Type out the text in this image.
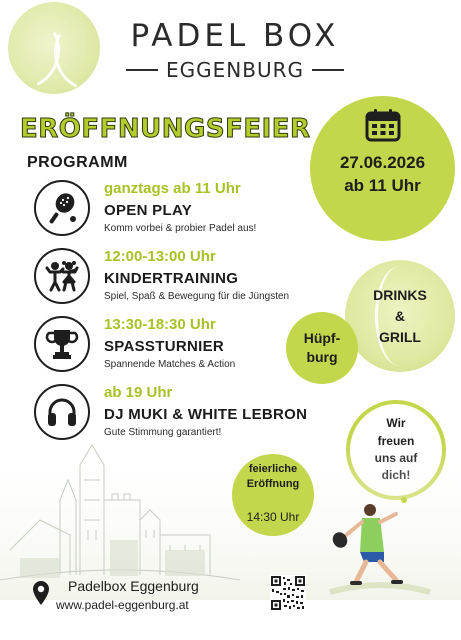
PADEL BOX
EGGENBURG
ERÖFFNUNGSFEIER
27.06.2026
ab 11 Uhr
PROGRAMM
ganztags ab 11 Uhr
OPEN PLAY
Komm vorbei & probier Padel aus!
12:00-13:00 Uhr
KINDERTRAINING
Spiel, Spaß & Bewegung für die Jüngsten
13:30-18:30 Uhr
SPASSTURNIER
Spannende Matches & Action
ab 19 Uhr
DJ MUKI & WHITE LEBRON
Gute Stimmung garantiert!
DRINKS
&
GRILL
Hüpf-
burg
Wir
feierliche
Eröffnung
14:30 Uhr
Padelbox Eggenburg
www.padel-eggenburg.at
